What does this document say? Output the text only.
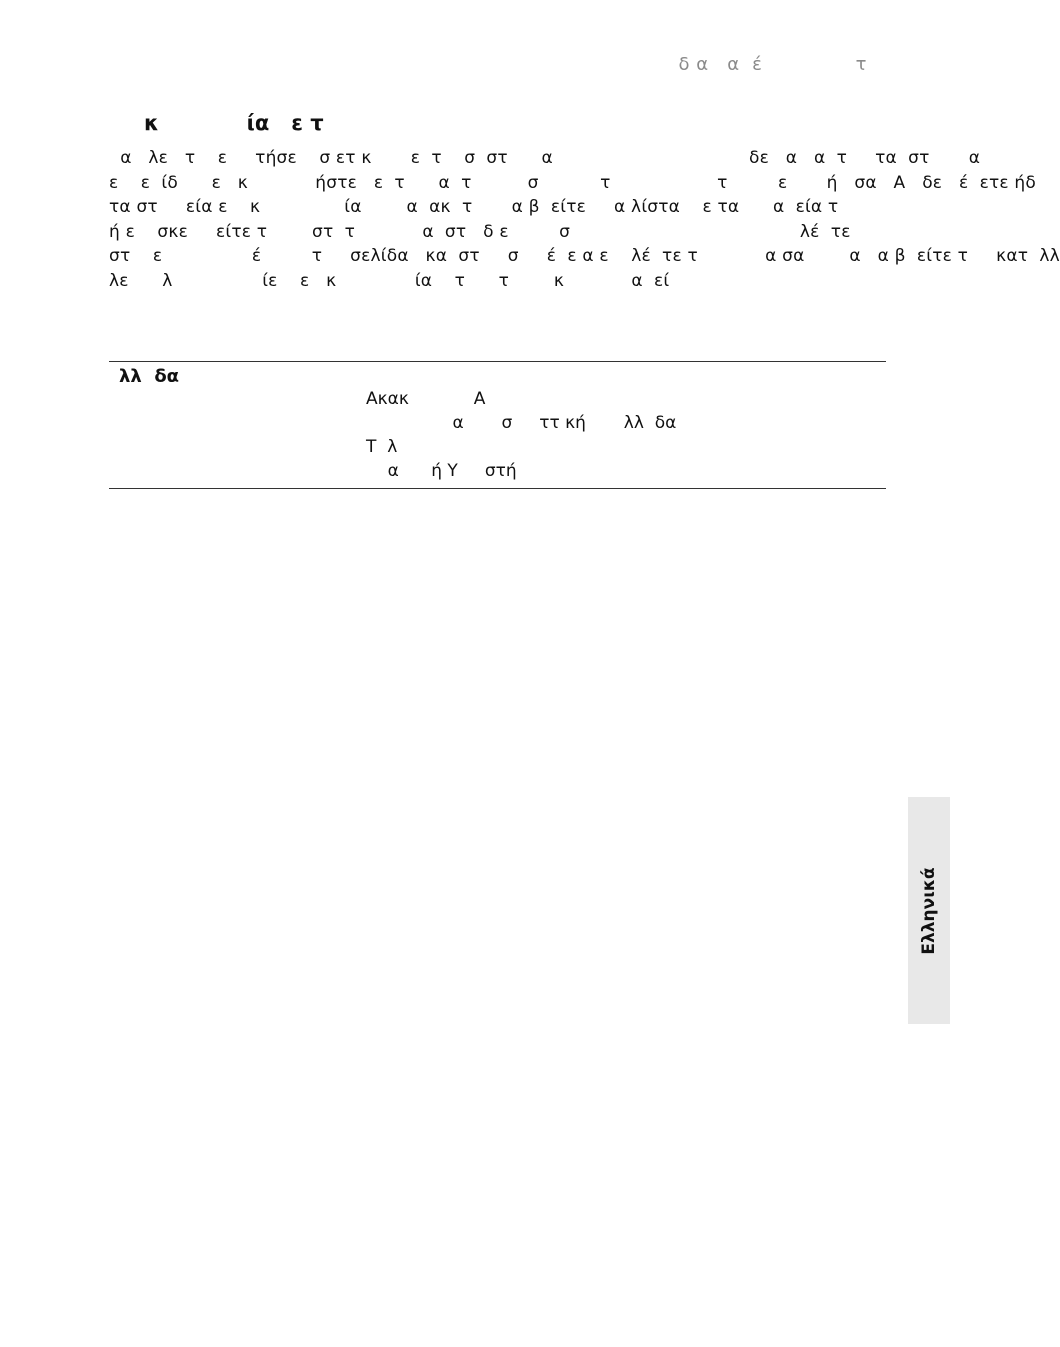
δ α   α  έ               τ
κ            ία   ε τ
α   λε   τ    ε     τήσε    σ ετ κ       ε  τ    σ  στ      α                                   δε   α   α  τ     τα  στ       α
ε    ε  ίδ      ε   κ            ήστε   ε  τ      α  τ          σ           τ                   τ         ε       ή   σα   Α   δε   έ  ετε ήδ
τα στ     εία ε    κ               ία        α  ακ  τ       α β  είτε     α λίστα    ε τα      α  εία τ
ή ε    σκε     είτε τ        στ  τ            α  στ   δ ε         σ                                         λέ  τε
στ    ε                έ         τ     σελίδα   κα  στ     σ     έ  ε α ε    λέ  τε τ            α σα        α   α β  είτε τ     κατ  λλ
λε      λ                ίε    ε   κ              ία    τ      τ        κ            α  εί
λλ  δα
Ακακ            Α
α       σ     ττ κή       λλ  δα
Τ  λ
α      ή Υ     στή
Ελληνικά
